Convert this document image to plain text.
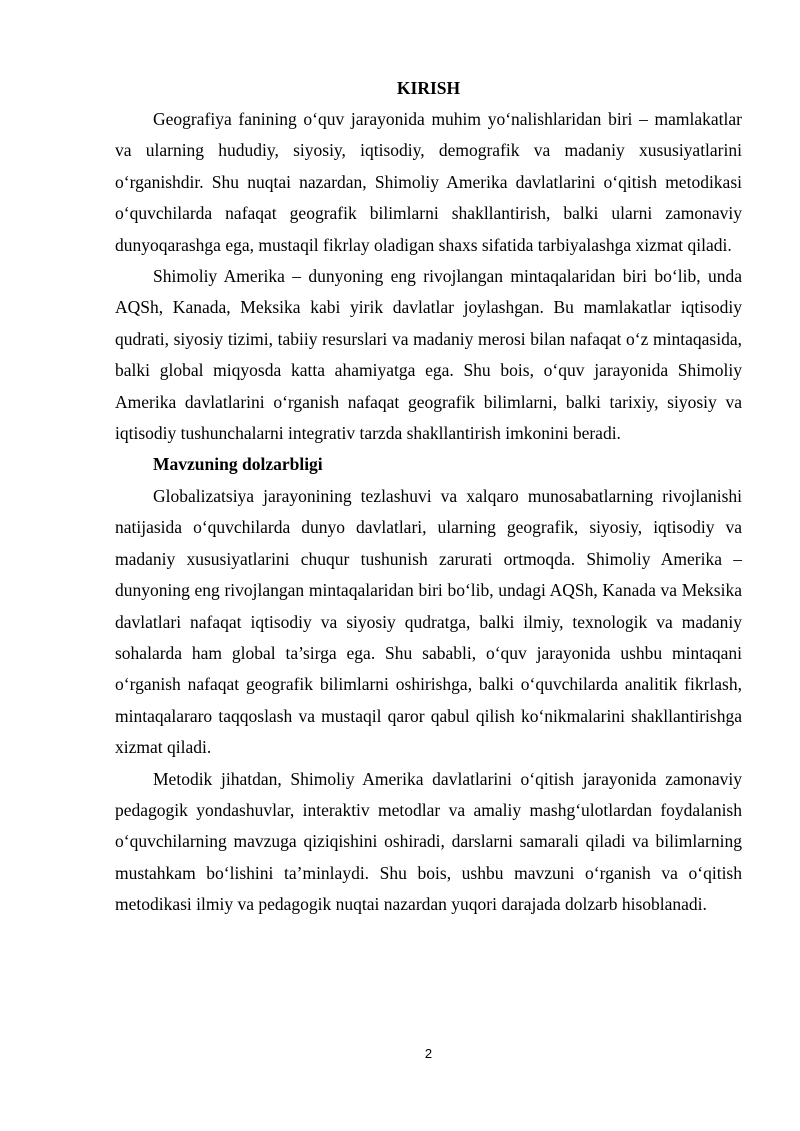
KIRISH

Geografiya fanining o‘quv jarayonida muhim yo‘nalishlaridan biri – mamlakatlar va ularning hududiy, siyosiy, iqtisodiy, demografik va madaniy xususiyatlarini o‘rganishdir. Shu nuqtai nazardan, Shimoliy Amerika davlatlarini o‘qitish metodikasi o‘quvchilarda nafaqat geografik bilimlarni shakllantirish, balki ularni zamonaviy dunyoqarashga ega, mustaqil fikrlay oladigan shaxs sifatida tarbiyalashga xizmat qiladi.

Shimoliy Amerika – dunyoning eng rivojlangan mintaqalaridan biri bo‘lib, unda AQSh, Kanada, Meksika kabi yirik davlatlar joylashgan. Bu mamlakatlar iqtisodiy qudrati, siyosiy tizimi, tabiiy resurslari va madaniy merosi bilan nafaqat o‘z mintaqasida, balki global miqyosda katta ahamiyatga ega. Shu bois, o‘quv jarayonida Shimoliy Amerika davlatlarini o‘rganish nafaqat geografik bilimlarni, balki tarixiy, siyosiy va iqtisodiy tushunchalarni integrativ tarzda shakllantirish imkonini beradi.

Mavzuning dolzarbligi

Globalizatsiya jarayonining tezlashuvi va xalqaro munosabatlarning rivojlanishi natijasida o‘quvchilarda dunyo davlatlari, ularning geografik, siyosiy, iqtisodiy va madaniy xususiyatlarini chuqur tushunish zarurati ortmoqda. Shimoliy Amerika – dunyoning eng rivojlangan mintaqalaridan biri bo‘lib, undagi AQSh, Kanada va Meksika davlatlari nafaqat iqtisodiy va siyosiy qudratga, balki ilmiy, texnologik va madaniy sohalarda ham global ta’sirga ega. Shu sababli, o‘quv jarayonida ushbu mintaqani o‘rganish nafaqat geografik bilimlarni oshirishga, balki o‘quvchilarda analitik fikrlash, mintaqalararo taqqoslash va mustaqil qaror qabul qilish ko‘nikmalarini shakllantirishga xizmat qiladi.

Metodik jihatdan, Shimoliy Amerika davlatlarini o‘qitish jarayonida zamonaviy pedagogik yondashuvlar, interaktiv metodlar va amaliy mashg‘ulotlardan foydalanish o‘quvchilarning mavzuga qiziqishini oshiradi, darslarni samarali qiladi va bilimlarning mustahkam bo‘lishini ta’minlaydi. Shu bois, ushbu mavzuni o‘rganish va o‘qitish metodikasi ilmiy va pedagogik nuqtai nazardan yuqori darajada dolzarb hisoblanadi.

2
